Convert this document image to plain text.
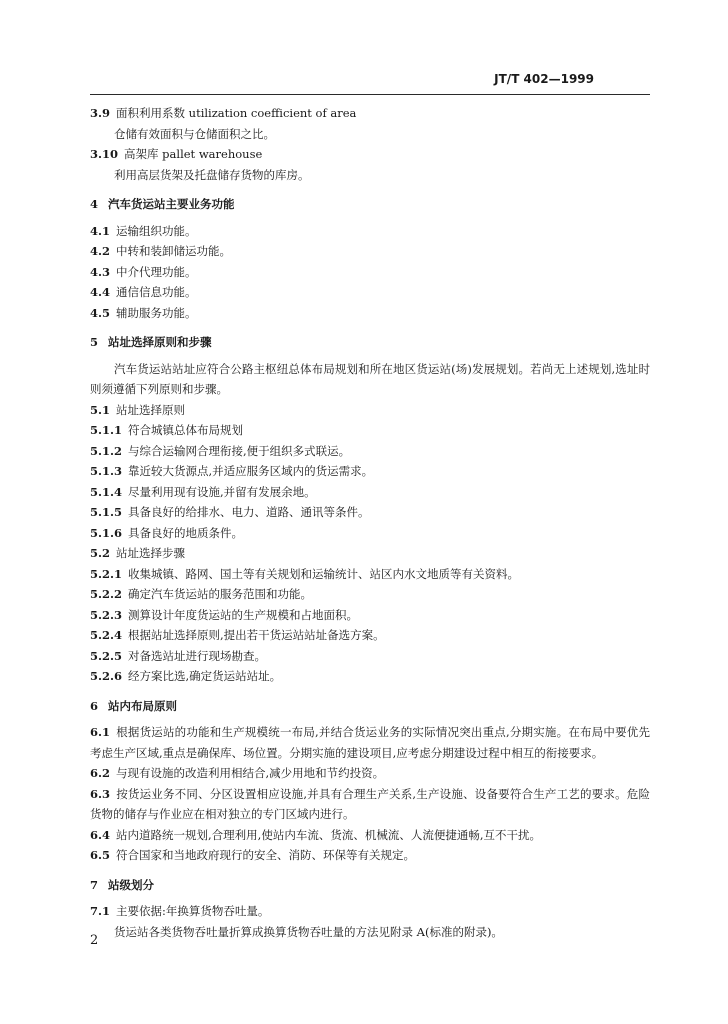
JT/T 402—1999
3.9 面积利用系数 utilization coefficient of area
仓储有效面积与仓储面积之比。
3.10 高架库 pallet warehouse
利用高层货架及托盘储存货物的库房。
4 汽车货运站主要业务功能
4.1 运输组织功能。
4.2 中转和装卸储运功能。
4.3 中介代理功能。
4.4 通信信息功能。
4.5 辅助服务功能。
5 站址选择原则和步骤
汽车货运站站址应符合公路主枢纽总体布局规划和所在地区货运站(场)发展规划。若尚无上述规划,选址时则须遵循下列原则和步骤。
5.1 站址选择原则
5.1.1 符合城镇总体布局规划
5.1.2 与综合运输网合理衔接,便于组织多式联运。
5.1.3 靠近较大货源点,并适应服务区域内的货运需求。
5.1.4 尽量利用现有设施,并留有发展余地。
5.1.5 具备良好的给排水、电力、道路、通讯等条件。
5.1.6 具备良好的地质条件。
5.2 站址选择步骤
5.2.1 收集城镇、路网、国土等有关规划和运输统计、站区内水文地质等有关资料。
5.2.2 确定汽车货运站的服务范围和功能。
5.2.3 测算设计年度货运站的生产规模和占地面积。
5.2.4 根据站址选择原则,提出若干货运站站址备选方案。
5.2.5 对备选站址进行现场勘查。
5.2.6 经方案比选,确定货运站站址。
6 站内布局原则
6.1 根据货运站的功能和生产规模统一布局,并结合货运业务的实际情况突出重点,分期实施。在布局中要优先考虑生产区域,重点是确保库、场位置。分期实施的建设项目,应考虑分期建设过程中相互的衔接要求。
6.2 与现有设施的改造利用相结合,减少用地和节约投资。
6.3 按货运业务不同、分区设置相应设施,并具有合理生产关系,生产设施、设备要符合生产工艺的要求。危险货物的储存与作业应在相对独立的专门区域内进行。
6.4 站内道路统一规划,合理利用,使站内车流、货流、机械流、人流便捷通畅,互不干扰。
6.5 符合国家和当地政府现行的安全、消防、环保等有关规定。
7 站级划分
7.1 主要依据:年换算货物吞吐量。
货运站各类货物吞吐量折算成换算货物吞吐量的方法见附录 A(标准的附录)。
2
